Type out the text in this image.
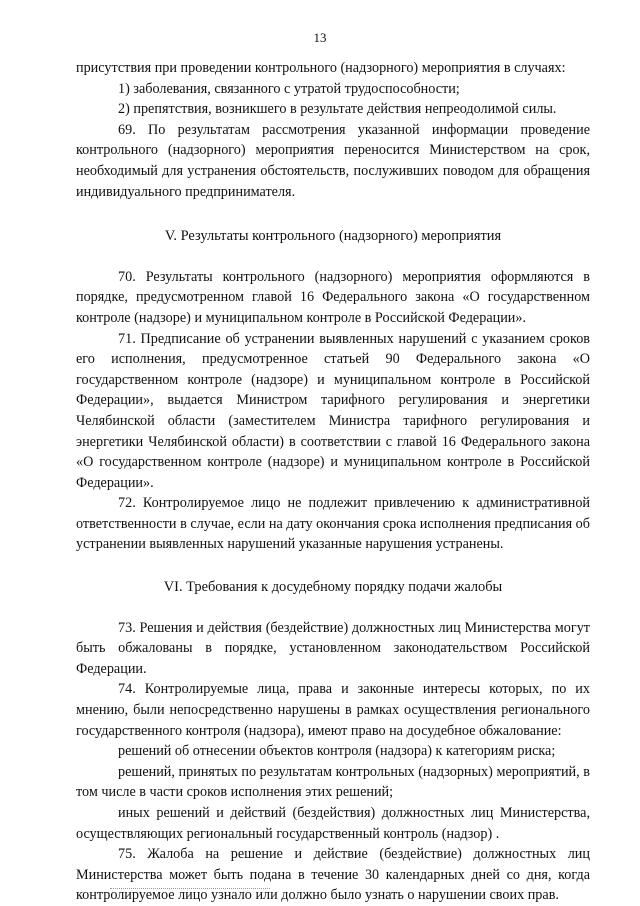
13

присутствия при проведении контрольного (надзорного) мероприятия в случаях:

1) заболевания, связанного с утратой трудоспособности;

2) препятствия, возникшего в результате действия непреодолимой силы.

69. По результатам рассмотрения указанной информации проведение контрольного (надзорного) мероприятия переносится Министерством на срок, необходимый для устранения обстоятельств, послуживших поводом для обращения индивидуального предпринимателя.

V. Результаты контрольного (надзорного) мероприятия

70. Результаты контрольного (надзорного) мероприятия оформляются в порядке, предусмотренном главой 16 Федерального закона «О государственном контроле (надзоре) и муниципальном контроле в Российской Федерации».

71. Предписание об устранении выявленных нарушений с указанием сроков его исполнения, предусмотренное статьей 90 Федерального закона «О государственном контроле (надзоре) и муниципальном контроле в Российской Федерации», выдается Министром тарифного регулирования и энергетики Челябинской области (заместителем Министра тарифного регулирования и энергетики Челябинской области) в соответствии с главой 16 Федерального закона «О государственном контроле (надзоре) и муниципальном контроле в Российской Федерации».

72. Контролируемое лицо не подлежит привлечению к административной ответственности в случае, если на дату окончания срока исполнения предписания об устранении выявленных нарушений указанные нарушения устранены.

VI. Требования к досудебному порядку подачи жалобы

73. Решения и действия (бездействие) должностных лиц Министерства могут быть обжалованы в порядке, установленном законодательством Российской Федерации.

74. Контролируемые лица, права и законные интересы которых, по их мнению, были непосредственно нарушены в рамках осуществления регионального государственного контроля (надзора), имеют право на досудебное обжалование:

решений об отнесении объектов контроля (надзора) к категориям риска;

решений, принятых по результатам контрольных (надзорных) мероприятий, в том числе в части сроков исполнения этих решений;

иных решений и действий (бездействия) должностных лиц Министерства, осуществляющих региональный государственный контроль (надзор) .

75. Жалоба на решение и действие (бездействие) должностных лиц Министерства может быть подана в течение 30 календарных дней со дня, когда контролируемое лицо узнало или должно было узнать о нарушении своих прав.
